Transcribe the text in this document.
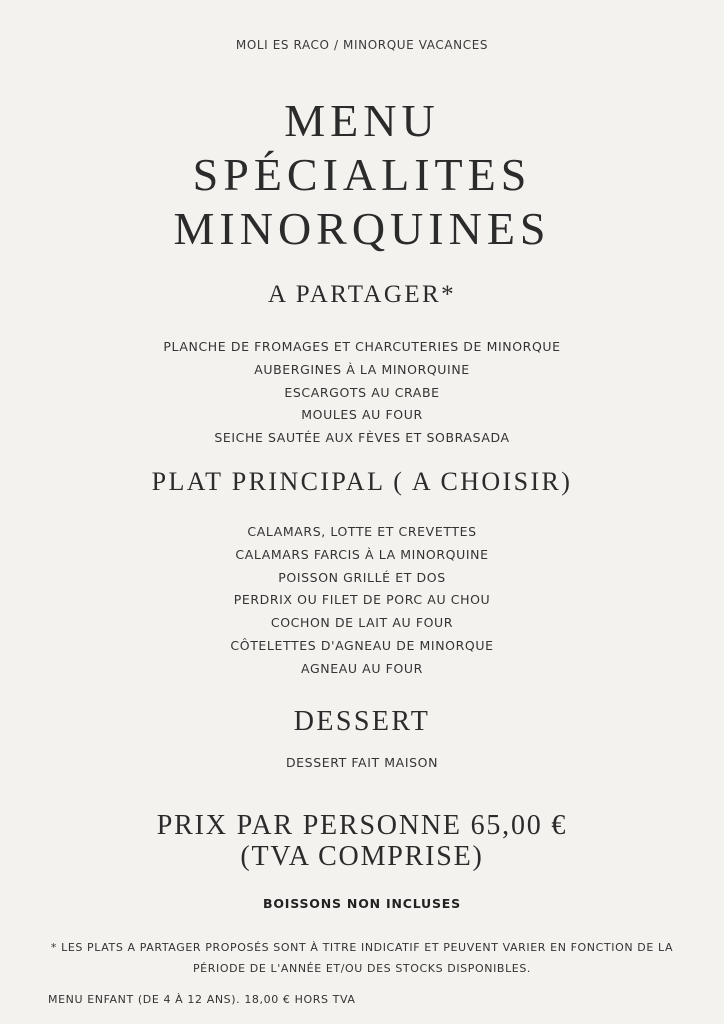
MOLI ES RACO / MINORQUE VACANCES

MENU
SPÉCIALITES
MINORQUINES
A PARTAGER*
PLANCHE DE FROMAGES ET CHARCUTERIES DE MINORQUE
AUBERGINES À LA MINORQUINE
ESCARGOTS AU CRABE
MOULES AU FOUR
SEICHE SAUTÉE AUX FÈVES ET SOBRASADA
PLAT PRINCIPAL ( A CHOISIR)
CALAMARS, LOTTE ET CREVETTES
CALAMARS FARCIS À LA MINORQUINE
POISSON GRILLÉ ET DOS
PERDRIX OU FILET DE PORC AU CHOU
COCHON DE LAIT AU FOUR
CÔTELETTES D'AGNEAU DE MINORQUE
AGNEAU AU FOUR
DESSERT
DESSERT FAIT MAISON
PRIX PAR PERSONNE 65,00 €
(TVA COMPRISE)

BOISSONS NON INCLUSES

* LES PLATS A PARTAGER PROPOSÉS SONT À TITRE INDICATIF ET PEUVENT VARIER EN FONCTION DE LA
PÉRIODE DE L'ANNÉE ET/OU DES STOCKS DISPONIBLES.

MENU ENFANT (DE 4 À 12 ANS). 18,00 € HORS TVA
